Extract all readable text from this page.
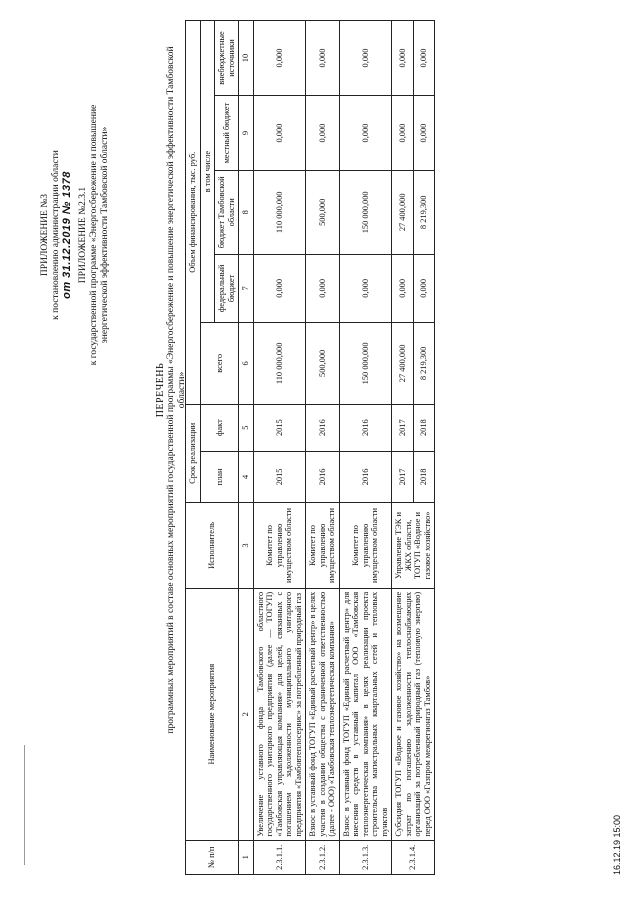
ПРИЛОЖЕНИЕ №3 к постановлению администрации области от 31.12.2019 № 1378 ПРИЛОЖЕНИЕ №2.3.1 к государственной программе «Энергосбережение и повышение энергетической эффективности Тамбовской области»
ПЕРЕЧЕНЬ программных мероприятий в составе основных мероприятий государственной программы «Энергосбережение и повышение энергетической эффективности Тамбовской области»
№ п/п	Наименование мероприятия	Исполнитель	Срок реализации		Объем финансирования, тыс. руб.				
			план	факт	всего	в том числе			
						федеральный бюджет	бюджет Тамбовской области	местный бюджет	внебюджетные источники
1	2	3	4	5	6	7	8	9	10
2.3.1.1.	Увеличение уставного фонда Тамбовского областного государственного унитарного предприятия (далее — ТОГУП) «Тамбовская управляющая компания» для целей, связанных с погашением задолженности муниципального унитарного предприятия «Тамбовтеплосервис» за потребленный природный газ	Комитет по управлению имуществом области	2015	2015	110 000,000	0,000	110 000,000	0,000	0,000
2.3.1.2.	Взнос в уставный фонд ТОГУП «Единый расчетный центр» в целях участия в создании общества с ограниченной ответственностью (далее - ООО) «Тамбовская теплоэнергетическая компания»	Комитет по управлению имуществом области	2016	2016	500,000	0,000	500,000	0,000	0,000
2.3.1.3.	Взнос в уставный фонд ТОГУП «Единый расчетный центр» для внесения средств в уставный капитал ООО «Тамбовская теплоэнергетическая компания» в целях реализации проекта строительства магистральных квартальных сетей и тепловых пунктов	Комитет по управлению имуществом области	2016	2016	150 000,000	0,000	150 000,000	0,000	0,000
2.3.1.4.	Субсидия ТОГУП «Водное и газовое хозяйство» на возмещение затрат по погашению задолженности теплоснабжающих организаций за потребленный природный газ (тепловую энергию) перед ООО «Газпром межрегионгаз Тамбов»	Управление ТЭК и ЖКХ области, ТОГУП «Водное и газовое хозяйство»	2017	2017	27 400,000	0,000	27 400,000	0,000	0,000
			2018	2018	8 219,300	0,000	8 219,300	0,000	0,000
16.12.19 15:00
